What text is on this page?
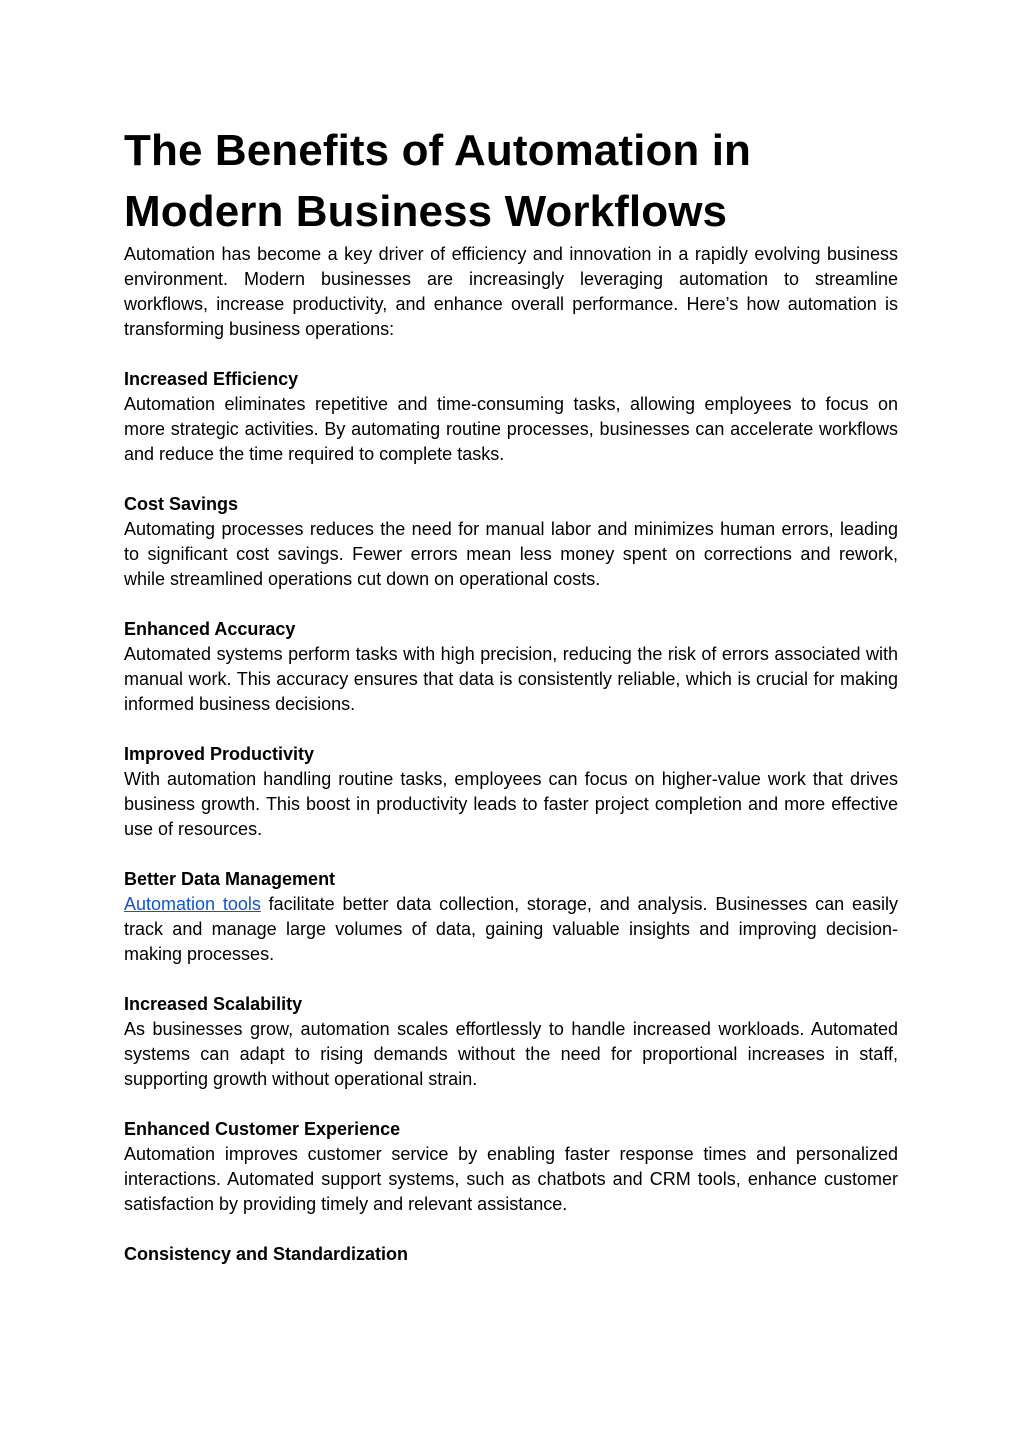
The Benefits of Automation in
Modern Business Workflows

Automation has become a key driver of efficiency and innovation in a rapidly evolving business environment. Modern businesses are increasingly leveraging automation to streamline workflows, increase productivity, and enhance overall performance. Here’s how automation is transforming business operations:

Increased Efficiency

Automation eliminates repetitive and time-consuming tasks, allowing employees to focus on more strategic activities. By automating routine processes, businesses can accelerate workflows and reduce the time required to complete tasks.

Cost Savings

Automating processes reduces the need for manual labor and minimizes human errors, leading to significant cost savings. Fewer errors mean less money spent on corrections and rework, while streamlined operations cut down on operational costs.

Enhanced Accuracy

Automated systems perform tasks with high precision, reducing the risk of errors associated with manual work. This accuracy ensures that data is consistently reliable, which is crucial for making informed business decisions.

Improved Productivity

With automation handling routine tasks, employees can focus on higher-value work that drives business growth. This boost in productivity leads to faster project completion and more effective use of resources.

Better Data Management

Automation tools facilitate better data collection, storage, and analysis. Businesses can easily track and manage large volumes of data, gaining valuable insights and improving decision-making processes.

Increased Scalability

As businesses grow, automation scales effortlessly to handle increased workloads. Automated systems can adapt to rising demands without the need for proportional increases in staff, supporting growth without operational strain.

Enhanced Customer Experience

Automation improves customer service by enabling faster response times and personalized interactions. Automated support systems, such as chatbots and CRM tools, enhance customer satisfaction by providing timely and relevant assistance.

Consistency and Standardization
